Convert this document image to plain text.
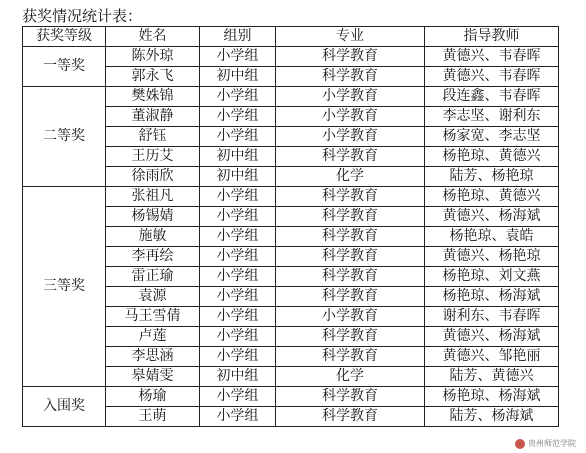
获奖情况统计表：
获奖等级	姓名	组别	专业	指导教师
一等奖	陈外琼	小学组	科学教育	黄德兴、韦春晖
	郭永飞	初中组	科学教育	黄德兴、韦春晖
二等奖	樊姝锦	小学组	小学教育	段连鑫、韦春晖
	董淑静	小学组	小学教育	李志坚、谢利东
	舒钰	小学组	小学教育	杨家宽、李志坚
	王历艾	初中组	科学教育	杨艳琼、黄德兴
	徐雨欣	初中组	化学	陆芳、杨艳琼
三等奖	张祖凡	小学组	科学教育	杨艳琼、黄德兴
	杨锡婧	小学组	科学教育	黄德兴、杨海斌
	施敏	小学组	科学教育	杨艳琼、袁皓
	李再绘	小学组	科学教育	黄德兴、杨艳琼
	雷正瑜	小学组	科学教育	杨艳琼、刘文燕
	袁源	小学组	科学教育	杨艳琼、杨海斌
	马王雪倩	小学组	小学教育	谢利东、韦春晖
	卢莲	小学组	科学教育	黄德兴、杨海斌
	李思涵	小学组	科学教育	黄德兴、邹艳丽
	皋婧雯	初中组	化学	陆芳、黄德兴
入围奖	杨瑜	小学组	科学教育	杨艳琼、杨海斌
	王萌	小学组	科学教育	陆芳、杨海斌
贵州师范学院
